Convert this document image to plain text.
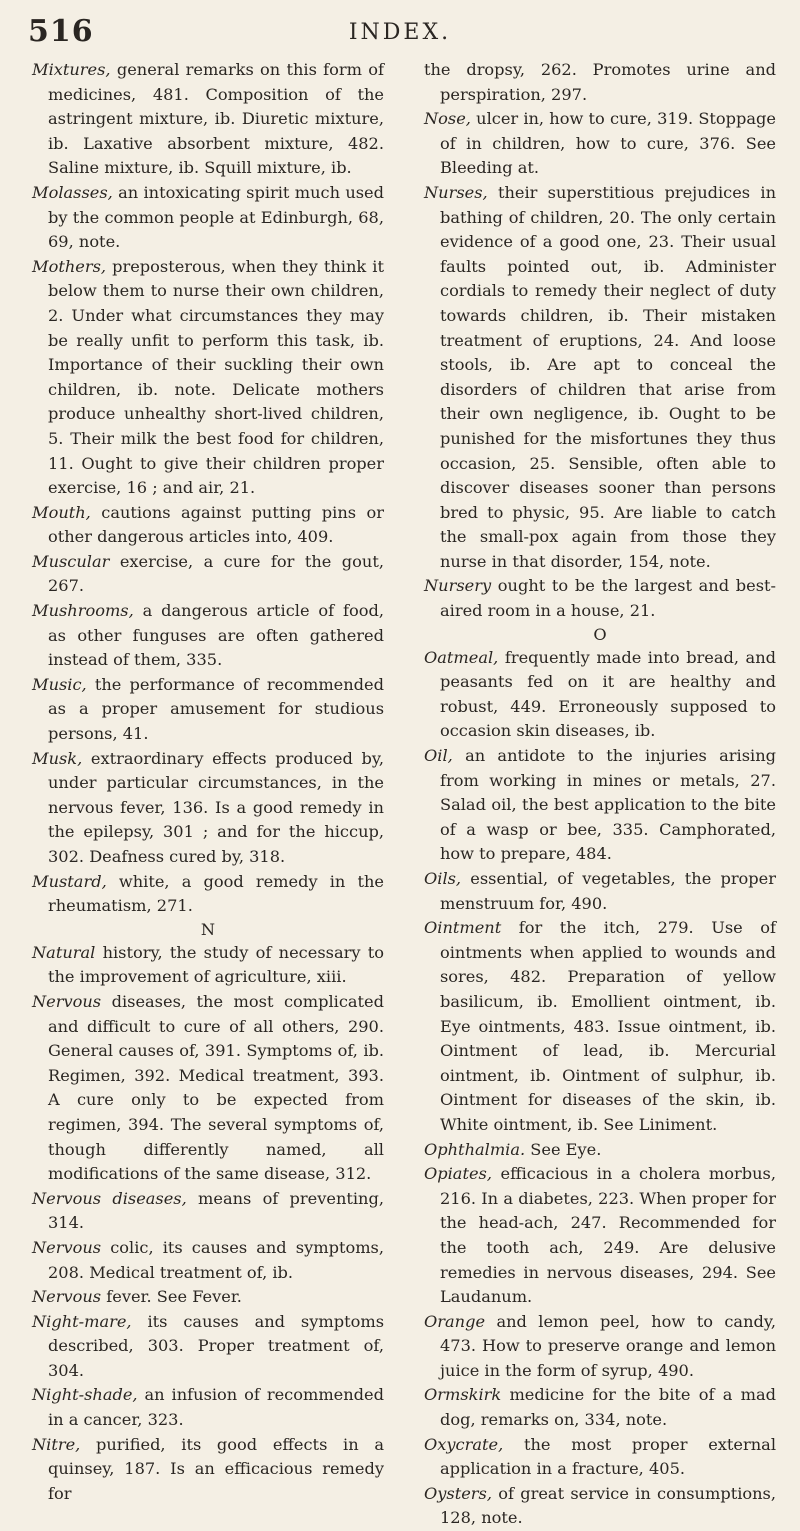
516	INDEX.

Mixtures, general remarks on this form of medicines, 481. Composition of the astringent mixture, ib. Diuretic mixture, ib. Laxative absorbent mixture, 482. Saline mixture, ib. Squill mixture, ib.

Molasses, an intoxicating spirit much used by the common people at Edinburgh, 68, 69, note.

Mothers, preposterous, when they think it below them to nurse their own children, 2. Under what circumstances they may be really unfit to perform this task, ib. Importance of their suckling their own children, ib. note. Delicate mothers produce unhealthy short-lived children, 5. Their milk the best food for children, 11. Ought to give their children proper exercise, 16 ; and air, 21.

Mouth, cautions against putting pins or other dangerous articles into, 409.

Muscular exercise, a cure for the gout, 267.

Mushrooms, a dangerous article of food, as other funguses are often gathered instead of them, 335.

Music, the performance of recommended as a proper amusement for studious persons, 41.

Musk, extraordinary effects produced by, under particular circumstances, in the nervous fever, 136. Is a good remedy in the epilepsy, 301 ; and for the hiccup, 302. Deafness cured by, 318.

Mustard, white, a good remedy in the rheumatism, 271.

N

Natural history, the study of necessary to the improvement of agriculture, xiii.

Nervous diseases, the most complicated and difficult to cure of all others, 290. General causes of, 391. Symptoms of, ib. Regimen, 392. Medical treatment, 393. A cure only to be expected from regimen, 394. The several symptoms of, though differently named, all modifications of the same disease, 312.

Nervous diseases, means of preventing, 314.

Nervous colic, its causes and symptoms, 208. Medical treatment of, ib.

Nervous fever. See Fever.

Night-mare, its causes and symptoms described, 303. Proper treatment of, 304.

Night-shade, an infusion of recommended in a cancer, 323.

Nitre, purified, its good effects in a quinsey, 187. Is an efficacious remedy for

the dropsy, 262. Promotes urine and perspiration, 297.

Nose, ulcer in, how to cure, 319. Stoppage of in children, how to cure, 376. See Bleeding at.

Nurses, their superstitious prejudices in bathing of children, 20. The only certain evidence of a good one, 23. Their usual faults pointed out, ib. Administer cordials to remedy their neglect of duty towards children, ib. Their mistaken treatment of eruptions, 24. And loose stools, ib. Are apt to conceal the disorders of children that arise from their own negligence, ib. Ought to be punished for the misfortunes they thus occasion, 25. Sensible, often able to discover diseases sooner than persons bred to physic, 95. Are liable to catch the small-pox again from those they nurse in that disorder, 154, note.

Nursery ought to be the largest and best-aired room in a house, 21.

O

Oatmeal, frequently made into bread, and peasants fed on it are healthy and robust, 449. Erroneously supposed to occasion skin diseases, ib.

Oil, an antidote to the injuries arising from working in mines or metals, 27. Salad oil, the best application to the bite of a wasp or bee, 335. Camphorated, how to prepare, 484.

Oils, essential, of vegetables, the proper menstruum for, 490.

Ointment for the itch, 279. Use of ointments when applied to wounds and sores, 482. Preparation of yellow basilicum, ib. Emollient ointment, ib. Eye ointments, 483. Issue ointment, ib. Ointment of lead, ib. Mercurial ointment, ib. Ointment of sulphur, ib. Ointment for diseases of the skin, ib. White ointment, ib. See Liniment.

Ophthalmia. See Eye.

Opiates, efficacious in a cholera morbus, 216. In a diabetes, 223. When proper for the head-ach, 247. Recommended for the tooth ach, 249. Are delusive remedies in nervous diseases, 294. See Laudanum.

Orange and lemon peel, how to candy, 473. How to preserve orange and lemon juice in the form of syrup, 490.

Ormskirk medicine for the bite of a mad dog, remarks on, 334, note.

Oxycrate, the most proper external application in a fracture, 405.

Oysters, of great service in consumptions, 128, note.
